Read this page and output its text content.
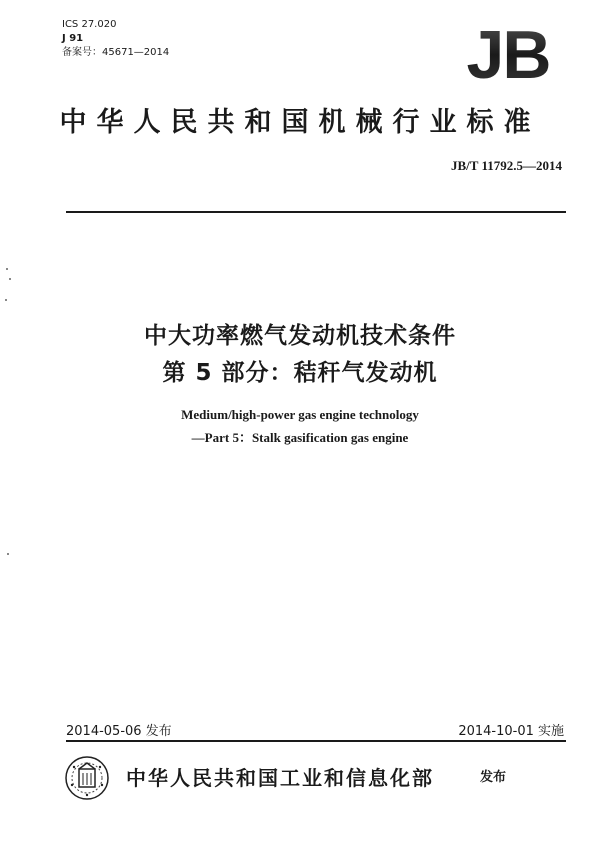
ICS 27.020
J 91
备案号：45671—2014	JB
中华人民共和国机械行业标准
JB/T 11792.5—2014
中大功率燃气发动机技术条件
第 5 部分：秸秆气发动机
Medium/high-power gas engine technology
—Part 5：Stalk gasification gas engine
2014-05-06 发布	2014-10-01 实施
中华人民共和国工业和信息化部	发布
